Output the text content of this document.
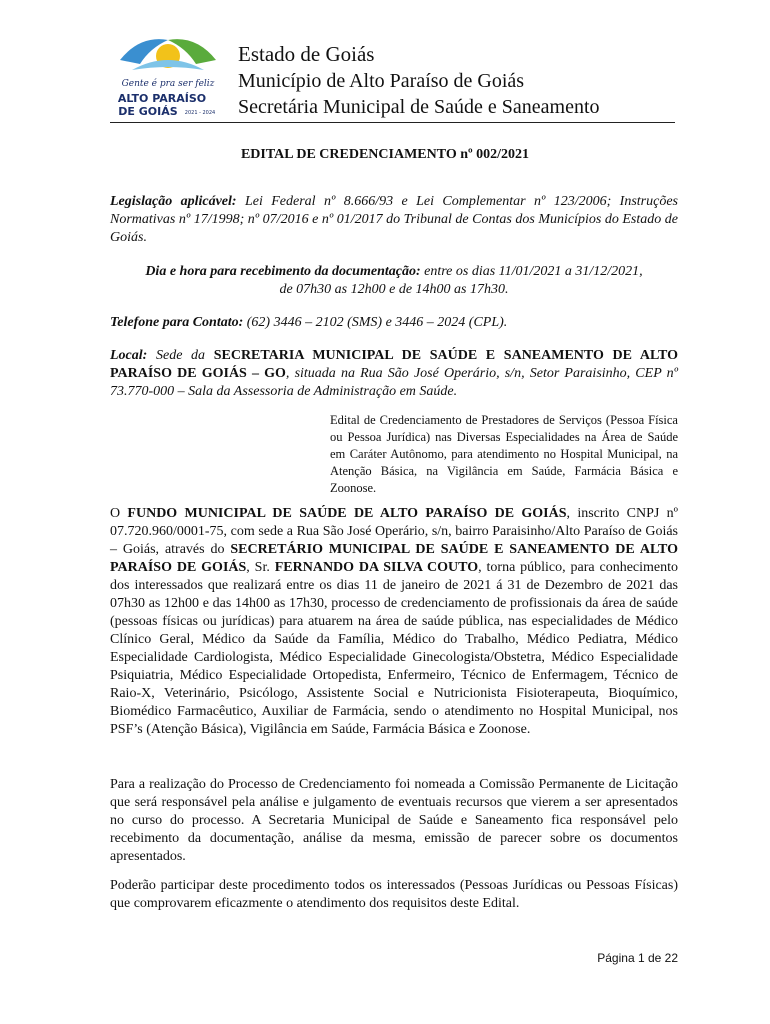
Gente é pra ser feliz
ALTO PARAÍSO
DE GOIÁS 2021 - 2024
Estado de Goiás
Município de Alto Paraíso de Goiás
Secretária Municipal de Saúde e Saneamento
EDITAL DE CREDENCIAMENTO nº 002/2021
Legislação aplicável: Lei Federal nº 8.666/93 e Lei Complementar nº 123/2006; Instruções Normativas nº 17/1998; nº 07/2016 e nº 01/2017 do Tribunal de Contas dos Municípios do Estado de Goiás.
Dia e hora para recebimento da documentação: entre os dias 11/01/2021 a 31/12/2021,
de 07h30 as 12h00 e de 14h00 as 17h30.
Telefone para Contato: (62) 3446 – 2102 (SMS) e 3446 – 2024 (CPL).
Local: Sede da SECRETARIA MUNICIPAL DE SAÚDE E SANEAMENTO DE ALTO PARAÍSO DE GOIÁS – GO, situada na Rua São José Operário, s/n, Setor Paraisinho, CEP nº 73.770-000 – Sala da Assessoria de Administração em Saúde.
Edital de Credenciamento de Prestadores de Serviços (Pessoa Física ou Pessoa Jurídica) nas Diversas Especialidades na Área de Saúde em Caráter Autônomo, para atendimento no Hospital Municipal, na Atenção Básica, na Vigilância em Saúde, Farmácia Básica e Zoonose.
O FUNDO MUNICIPAL DE SAÚDE DE ALTO PARAÍSO DE GOIÁS, inscrito CNPJ nº 07.720.960/0001-75, com sede a Rua São José Operário, s/n, bairro Paraisinho/Alto Paraíso de Goiás – Goiás, através do SECRETÁRIO MUNICIPAL DE SAÚDE E SANEAMENTO DE ALTO PARAÍSO DE GOIÁS, Sr. FERNANDO DA SILVA COUTO, torna público, para conhecimento dos interessados que realizará entre os dias 11 de janeiro de 2021 á 31 de Dezembro de 2021 das 07h30 as 12h00 e das 14h00 as 17h30, processo de credenciamento de profissionais da área de saúde (pessoas físicas ou jurídicas) para atuarem na área de saúde pública, nas especialidades de Médico Clínico Geral, Médico da Saúde da Família, Médico do Trabalho, Médico Pediatra, Médico Especialidade Cardiologista, Médico Especialidade Ginecologista/Obstetra, Médico Especialidade Psiquiatria, Médico Especialidade Ortopedista, Enfermeiro, Técnico de Enfermagem, Técnico de Raio-X, Veterinário, Psicólogo, Assistente Social e Nutricionista Fisioterapeuta, Bioquímico, Biomédico Farmacêutico, Auxiliar de Farmácia, sendo o atendimento no Hospital Municipal, nos PSF’s (Atenção Básica), Vigilância em Saúde, Farmácia Básica e Zoonose.
Para a realização do Processo de Credenciamento foi nomeada a Comissão Permanente de Licitação que será responsável pela análise e julgamento de eventuais recursos que vierem a ser apresentados no curso do processo. A Secretaria Municipal de Saúde e Saneamento fica responsável pelo recebimento da documentação, análise da mesma, emissão de parecer sobre os documentos apresentados.
Poderão participar deste procedimento todos os interessados (Pessoas Jurídicas ou Pessoas Físicas) que comprovarem eficazmente o atendimento dos requisitos deste Edital.
Página 1 de 22
